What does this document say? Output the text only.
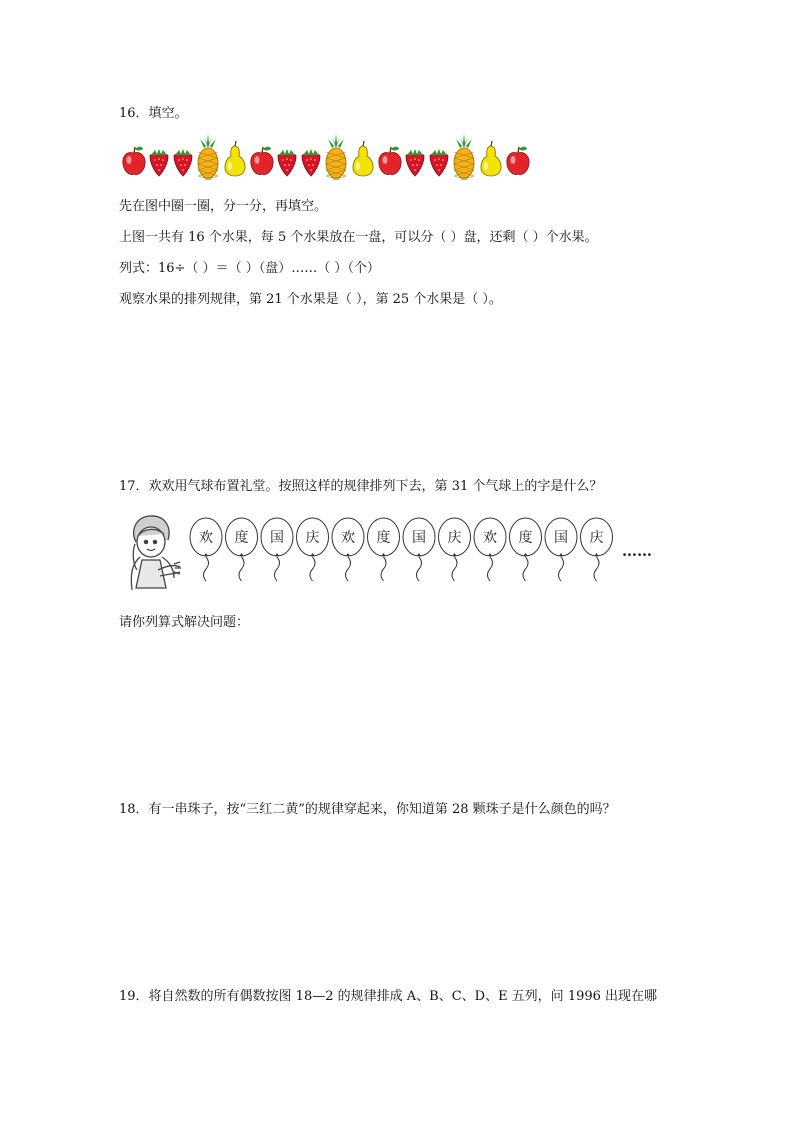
16．填空。
先在图中圈一圈，分一分，再填空。
上图一共有 16 个水果，每 5 个水果放在一盘，可以分（ ）盘，还剩（ ）个水果。
列式：16÷（ ）＝（ ）（盘）……（ ）（个）
观察水果的排列规律，第 21 个水果是（ ），第 25 个水果是（ ）。
17．欢欢用气球布置礼堂。按照这样的规律排列下去，第 31 个气球上的字是什么？
欢 度 国 庆 欢 度 国 庆 欢 度 国 庆
……
请你列算式解决问题：
18．有一串珠子，按“三红二黄”的规律穿起来，你知道第 28 颗珠子是什么颜色的吗？
19．将自然数的所有偶数按图 18—2 的规律排成 A、B、C、D、E 五列，问 1996 出现在哪
